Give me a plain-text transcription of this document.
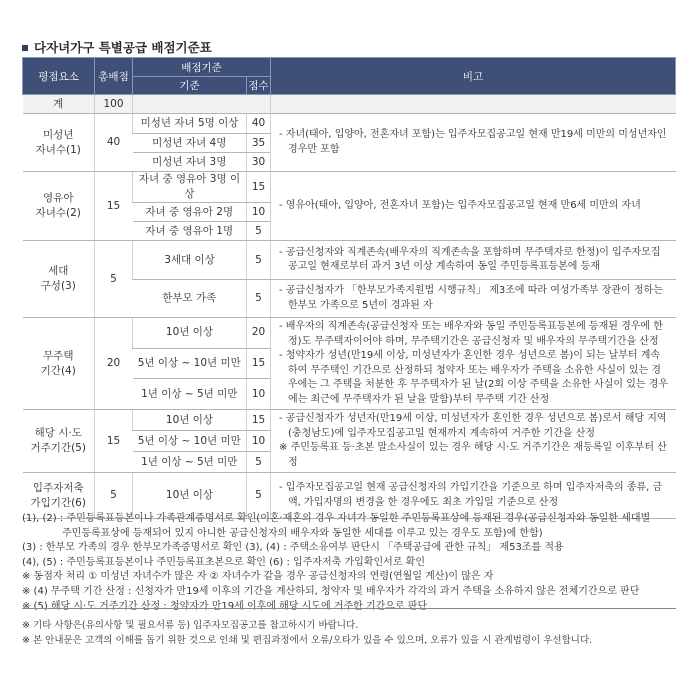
다자녀가구 특별공급 배점기준표
평점요소	총배점	배점기준		비고
		기준	점수	
계	100			
미성년
자녀수(1)	40	미성년 자녀 5명 이상	40	- 자녀(태아, 입양아, 전혼자녀 포함)는 입주자모집공고일 현재 만19세 미만의 미성년자인 경우만 포함

		미성년 자녀 4명	35	
		미성년 자녀 3명	30	
영유아
자녀수(2)	15	자녀 중 영유아 3명 이상	15	- 영유아(태아, 입양아, 전혼자녀 포함)는 입주자모집공고일 현재 만6세 미만의 자녀

		자녀 중 영유아 2명	10	
		자녀 중 영유아 1명	5	
세대
구성(3)	5	3세대 이상	5	- 공급신청자와 직계존속(배우자의 직계존속을 포함하며 무주택자로 한정)이 입주자모집공고일 현재로부터 과거 3년 이상 계속하여 동일 주민등록표등본에 등재

		한부모 가족	5	- 공급신청자가 「한부모가족지원법 시행규칙」 제3조에 따라 여성가족부 장관이 정하는 한부모 가족으로 5년이 경과된 자

무주택
기간(4)	20	10년 이상	20	- 배우자의 직계존속(공급신청자 또는 배우자와 동일 주민등록표등본에 등재된 경우에 한정)도 무주택자이어야 하며, 무주택기간은 공급신청자 및 배우자의 무주택기간을 산정
- 청약자가 성년(만19세 이상, 미성년자가 혼인한 경우 성년으로 봄)이 되는 날부터 계속하여 무주택인 기간으로 산정하되 청약자 또는 배우자가 주택을 소유한 사실이 있는 경우에는 그 주택을 처분한 후 무주택자가 된 날(2회 이상 주택을 소유한 사실이 있는 경우에는 최근에 무주택자가 된 날을 말함)부터 무주택 기간 산정

		5년 이상 ~ 10년 미만	15	
		1년 이상 ~ 5년 미만	10	
해당 시·도
거주기간(5)	15	10년 이상	15	- 공급신청자가 성년자(만19세 이상, 미성년자가 혼인한 경우 성년으로 봄)로서 해당 지역(충청남도)에 입주자모집공고일 현재까지 계속하여 거주한 기간을 산정
※ 주민등록표 등·초본 말소사실이 있는 경우 해당 시·도 거주기간은 재등록일 이후부터 산정

		5년 이상 ~ 10년 미만	10	
		1년 이상 ~ 5년 미만	5	
입주자저축
가입기간(6)	5	10년 이상	5	- 입주자모집공고일 현재 공급신청자의 가입기간을 기준으로 하며 입주자저축의 종류, 금액, 가입자명의 변경을 한 경우에도 최초 가입일 기준으로 산정
(1), (2) : 주민등록표등본이나 가족관계증명서로 확인(이혼·재혼의 경우 자녀가 동일한 주민등록표상에 등재된 경우(공급신청자와 동일한 세대별
주민등록표상에 등재되어 있지 아니한 공급신청자의 배우자와 동일한 세대를 이루고 있는 경우도 포함)에 한함)
(3) : 한부모 가족의 경우 한부모가족증명서로 확인 (3), (4) : 주택소유여부 판단시 「주택공급에 관한 규칙」 제53조를 적용
(4), (5) : 주민등록표등본이나 주민등록표초본으로 확인 (6) : 입주자저축 가입확인서로 확인
※ 동점자 처리 ① 미성년 자녀수가 많은 자 ② 자녀수가 같을 경우 공급신청자의 연령(연월일 계산)이 많은 자
※ (4) 무주택 기간 산정 : 신청자가 만19세 이후의 기간을 계산하되, 청약자 및 배우자가 각각의 과거 주택을 소유하지 않은 전체기간으로 판단
※ (5) 해당 시·도 거주기간 산정 : 청약자가 만19세 이후에 해당 시도에 거주한 기간으로 판단
※ 기타 사항은(유의사항 및 필요서류 등) 입주자모집공고를 참고하시기 바랍니다.
※ 본 안내문은 고객의 이해를 돕기 위한 것으로 인쇄 및 편집과정에서 오류/오타가 있을 수 있으며, 오류가 있을 시 관계법령이 우선합니다.
